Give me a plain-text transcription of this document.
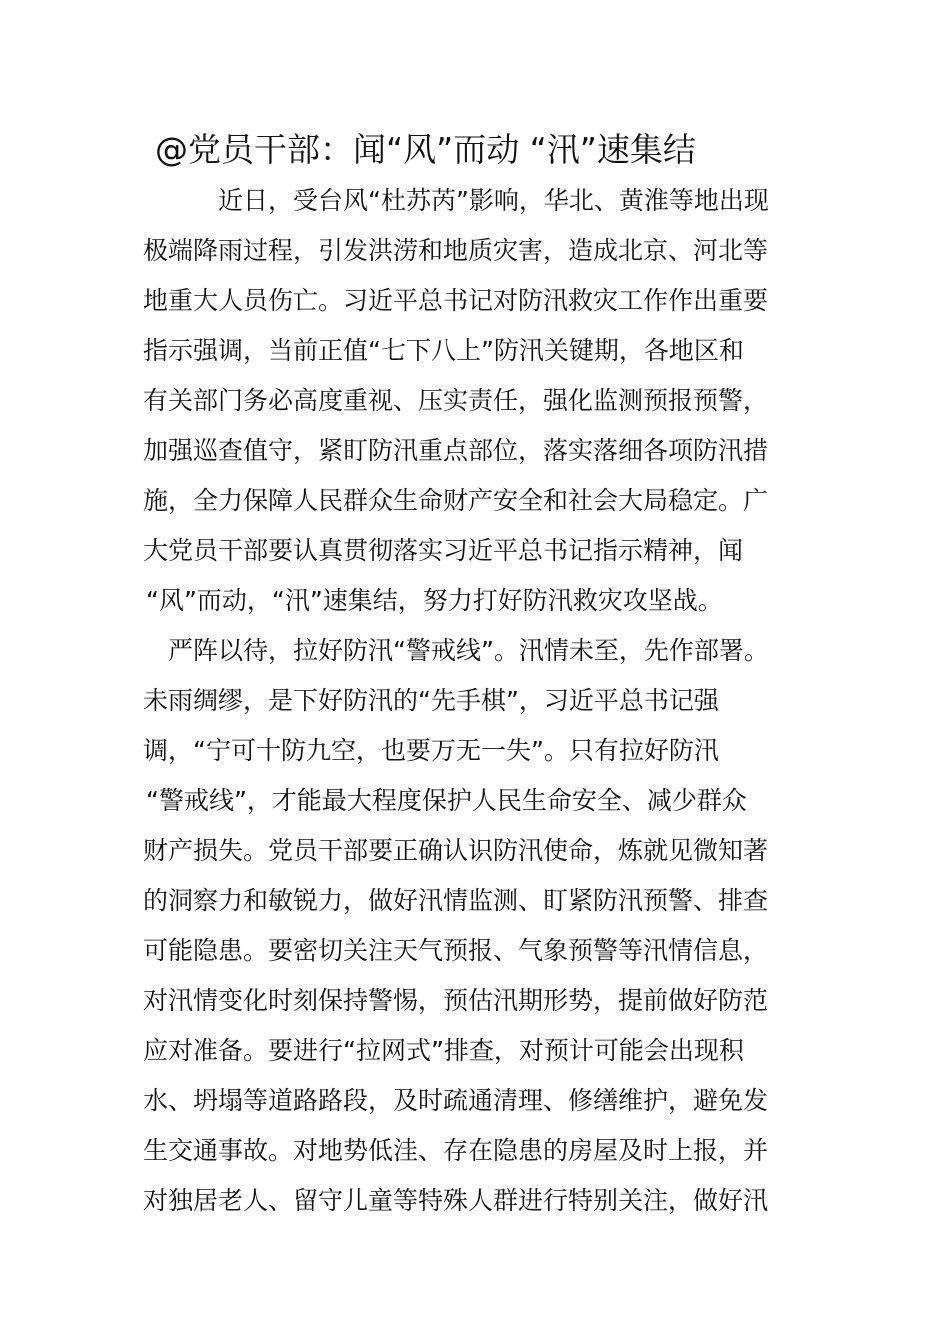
@党员干部：闻“风”而动 “汛”速集结

近日，受台风“杜苏芮”影响，华北、黄淮等地出现

极端降雨过程，引发洪涝和地质灾害，造成北京、河北等

地重大人员伤亡。习近平总书记对防汛救灾工作作出重要

指示强调，当前正值“七下八上”防汛关键期，各地区和

有关部门务必高度重视、压实责任，强化监测预报预警，

加强巡查值守，紧盯防汛重点部位，落实落细各项防汛措

施，全力保障人民群众生命财产安全和社会大局稳定。广

大党员干部要认真贯彻落实习近平总书记指示精神，闻

“风”而动，“汛”速集结，努力打好防汛救灾攻坚战。

严阵以待，拉好防汛“警戒线”。汛情未至，先作部署。

未雨绸缪，是下好防汛的“先手棋”，习近平总书记强

调，“宁可十防九空，也要万无一失”。只有拉好防汛

“警戒线”，才能最大程度保护人民生命安全、减少群众

财产损失。党员干部要正确认识防汛使命，炼就见微知著

的洞察力和敏锐力，做好汛情监测、盯紧防汛预警、排查

可能隐患。要密切关注天气预报、气象预警等汛情信息，

对汛情变化时刻保持警惕，预估汛期形势，提前做好防范

应对准备。要进行“拉网式”排查，对预计可能会出现积

水、坍塌等道路路段，及时疏通清理、修缮维护，避免发

生交通事故。对地势低洼、存在隐患的房屋及时上报，并

对独居老人、留守儿童等特殊人群进行特别关注，做好汛
